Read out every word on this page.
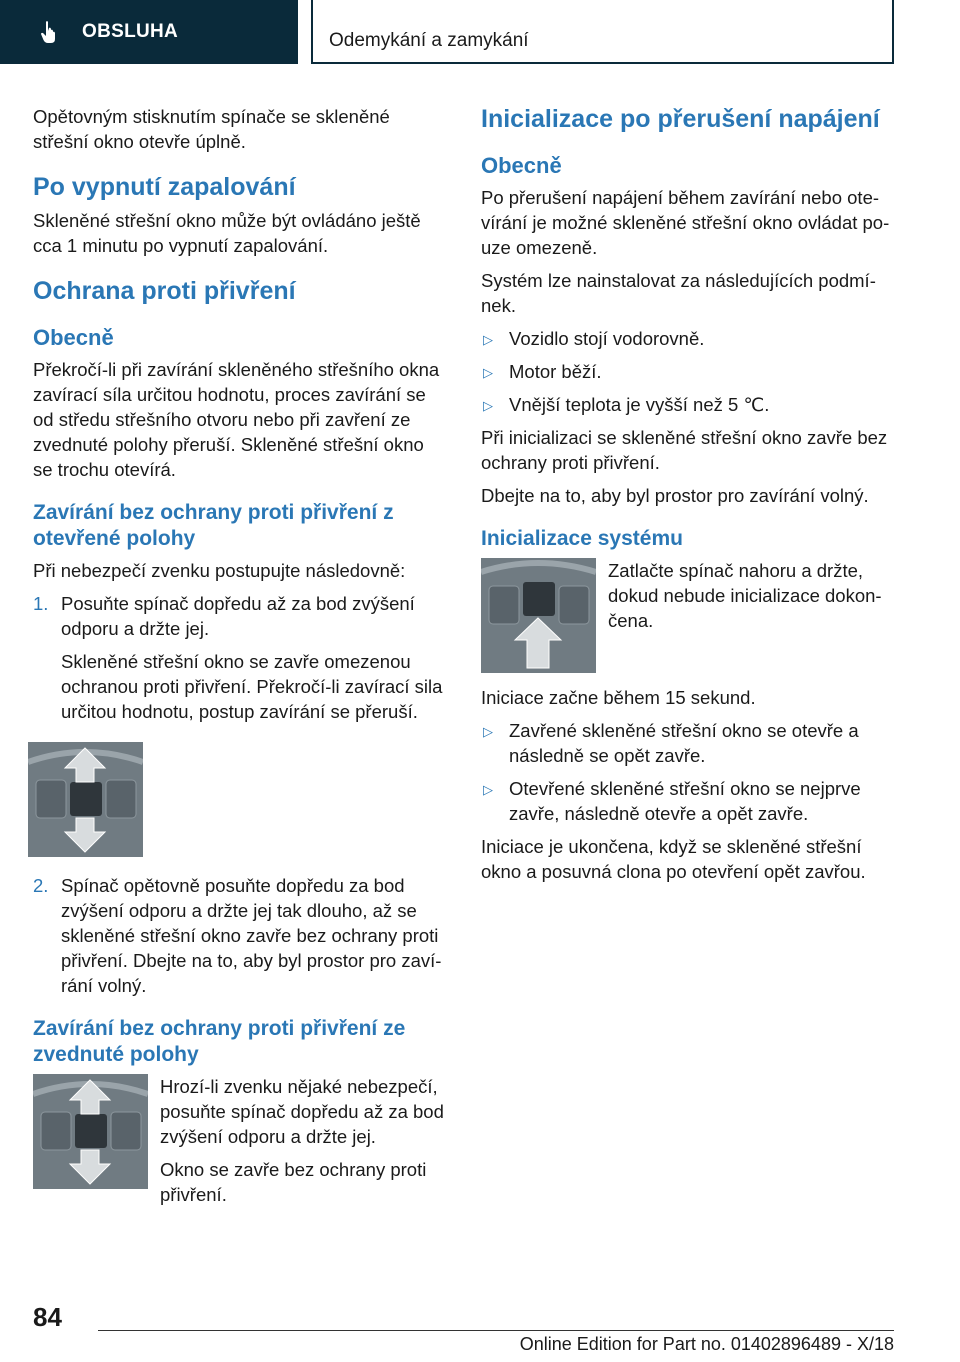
OBSLUHA	Odemykání a zamykání

Opětovným stisknutím spínače se skleněné střešní okno otevře úplně.

Po vypnutí zapalování

Skleněné střešní okno může být ovládáno ještě cca 1 minutu po vypnutí zapalování.

Ochrana proti přivření
Obecně

Překročí-li při zavírání skleněného střešního okna zavírací síla určitou hodnotu, proces zavírání se od středu střešního otvoru nebo při zavření ze zvednuté polohy přeruší. Skleněné střešní okno se trochu otevírá.

Zavírání bez ochrany proti přivření z otevřené polohy

Při nebezpečí zvenku postupujte následovně:

1. Posuňte spínač dopředu až za bod zvýšení odporu a držte jej.
Skleněné střešní okno se zavře omezenou ochranou proti přivření. Překročí-li zavírací sila určitou hodnotu, postup zavírání se přeruší.
2. Spínač opětovně posuňte dopředu za bod zvýšení odporu a držte jej tak dlouho, až se skleněné střešní okno zavře bez ochrany proti přivření. Dbejte na to, aby byl prostor pro zavírání volný.
Zavírání bez ochrany proti přivření ze zvednuté polohy

Hrozí-li zvenku nějaké nebezpečí, posuňte spínač dopředu až za bod zvýšení odporu a držte jej.

Okno se zavře bez ochrany proti přivření.

Inicializace po přerušení napájení
Obecně

Po přerušení napájení během zavírání nebo otevírání je možné skleněné střešní okno ovládat pouze omezeně.

Systém lze nainstalovat za následujících podmínek.

▷ Vozidlo stojí vodorovně.
▷ Motor běží.
▷ Vnější teplota je vyšší než 5 ℃.

Při inicializaci se skleněné střešní okno zavře bez ochrany proti přivření.

Dbejte na to, aby byl prostor pro zavírání volný.

Inicializace systému

Zatlačte spínač nahoru a držte, dokud nebude inicializace dokončena.

Iniciace začne během 15 sekund.

▷ Zavřené skleněné střešní okno se otevře a následně se opět zavře.
▷ Otevřené skleněné střešní okno se nejprve zavře, následně otevře a opět zavře.

Iniciace je ukončena, když se skleněné střešní okno a posuvná clona po otevření opět zavřou.

84
Online Edition for Part no. 01402896489 - X/18
